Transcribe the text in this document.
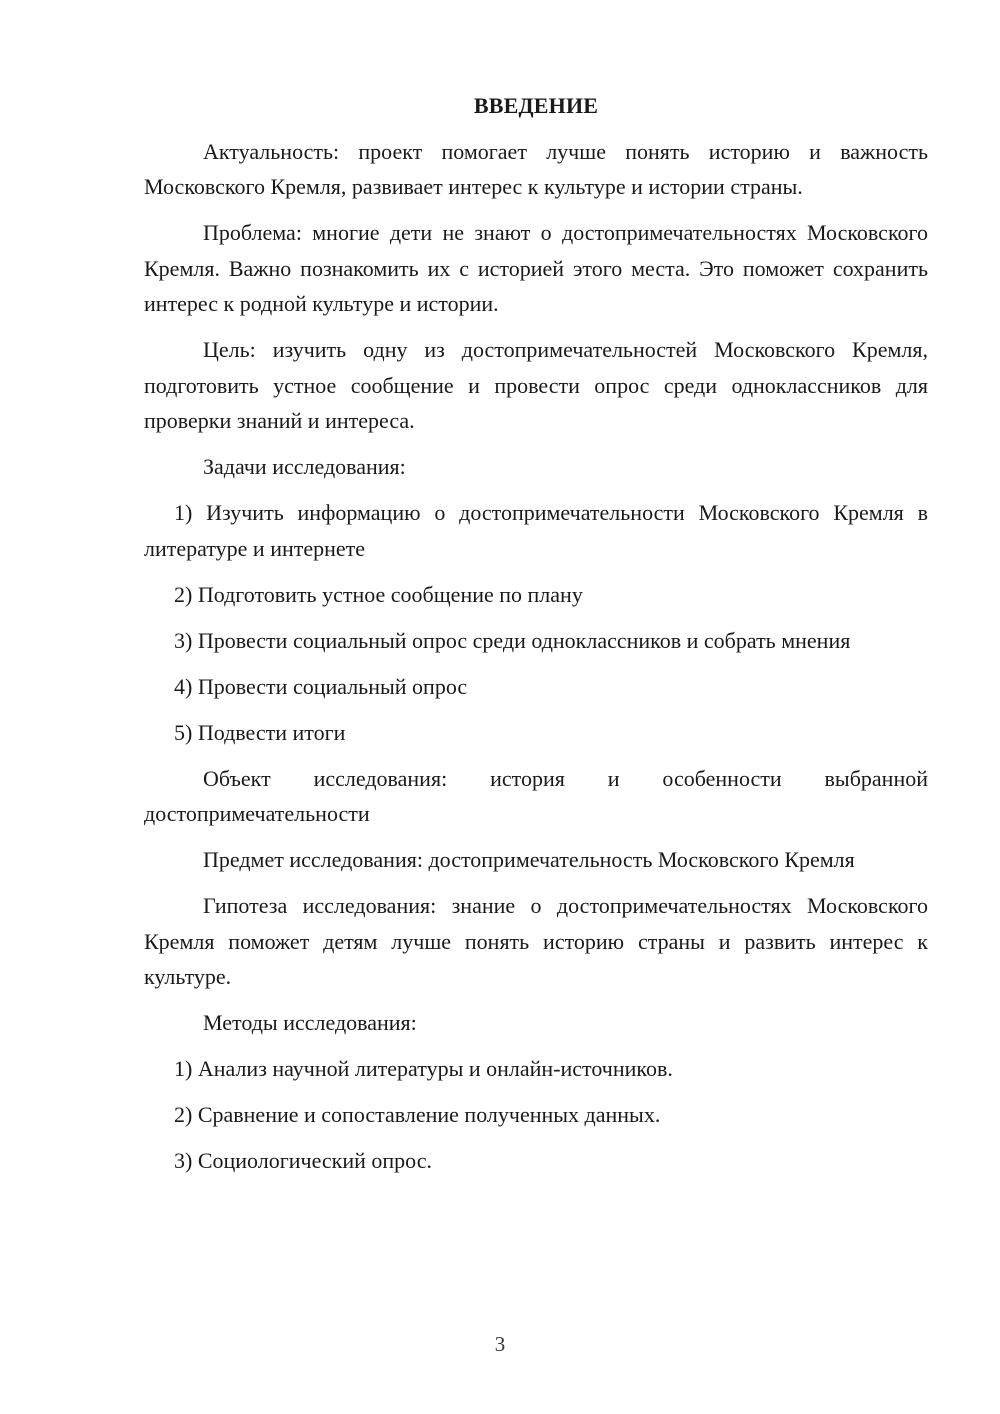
ВВЕДЕНИЕ

Актуальность: проект помогает лучше понять историю и важность Московского Кремля, развивает интерес к культуре и истории страны.

Проблема: многие дети не знают о достопримечательностях Московского Кремля. Важно познакомить их с историей этого места. Это поможет сохранить интерес к родной культуре и истории.

Цель: изучить одну из достопримечательностей Московского Кремля, подготовить устное сообщение и провести опрос среди одноклассников для проверки знаний и интереса.

Задачи исследования:

1) Изучить информацию о достопримечательности Московского Кремля в литературе и интернете

2) Подготовить устное сообщение по плану

3) Провести социальный опрос среди одноклассников и собрать мнения

4) Провести социальный опрос

5) Подвести итоги

Объект исследования: история и особенности выбранной достопримечательности

Предмет исследования: достопримечательность Московского Кремля

Гипотеза исследования: знание о достопримечательностях Московского Кремля поможет детям лучше понять историю страны и развить интерес к культуре.

Методы исследования:

1) Анализ научной литературы и онлайн-источников.

2) Сравнение и сопоставление полученных данных.

3) Социологический опрос.

3
